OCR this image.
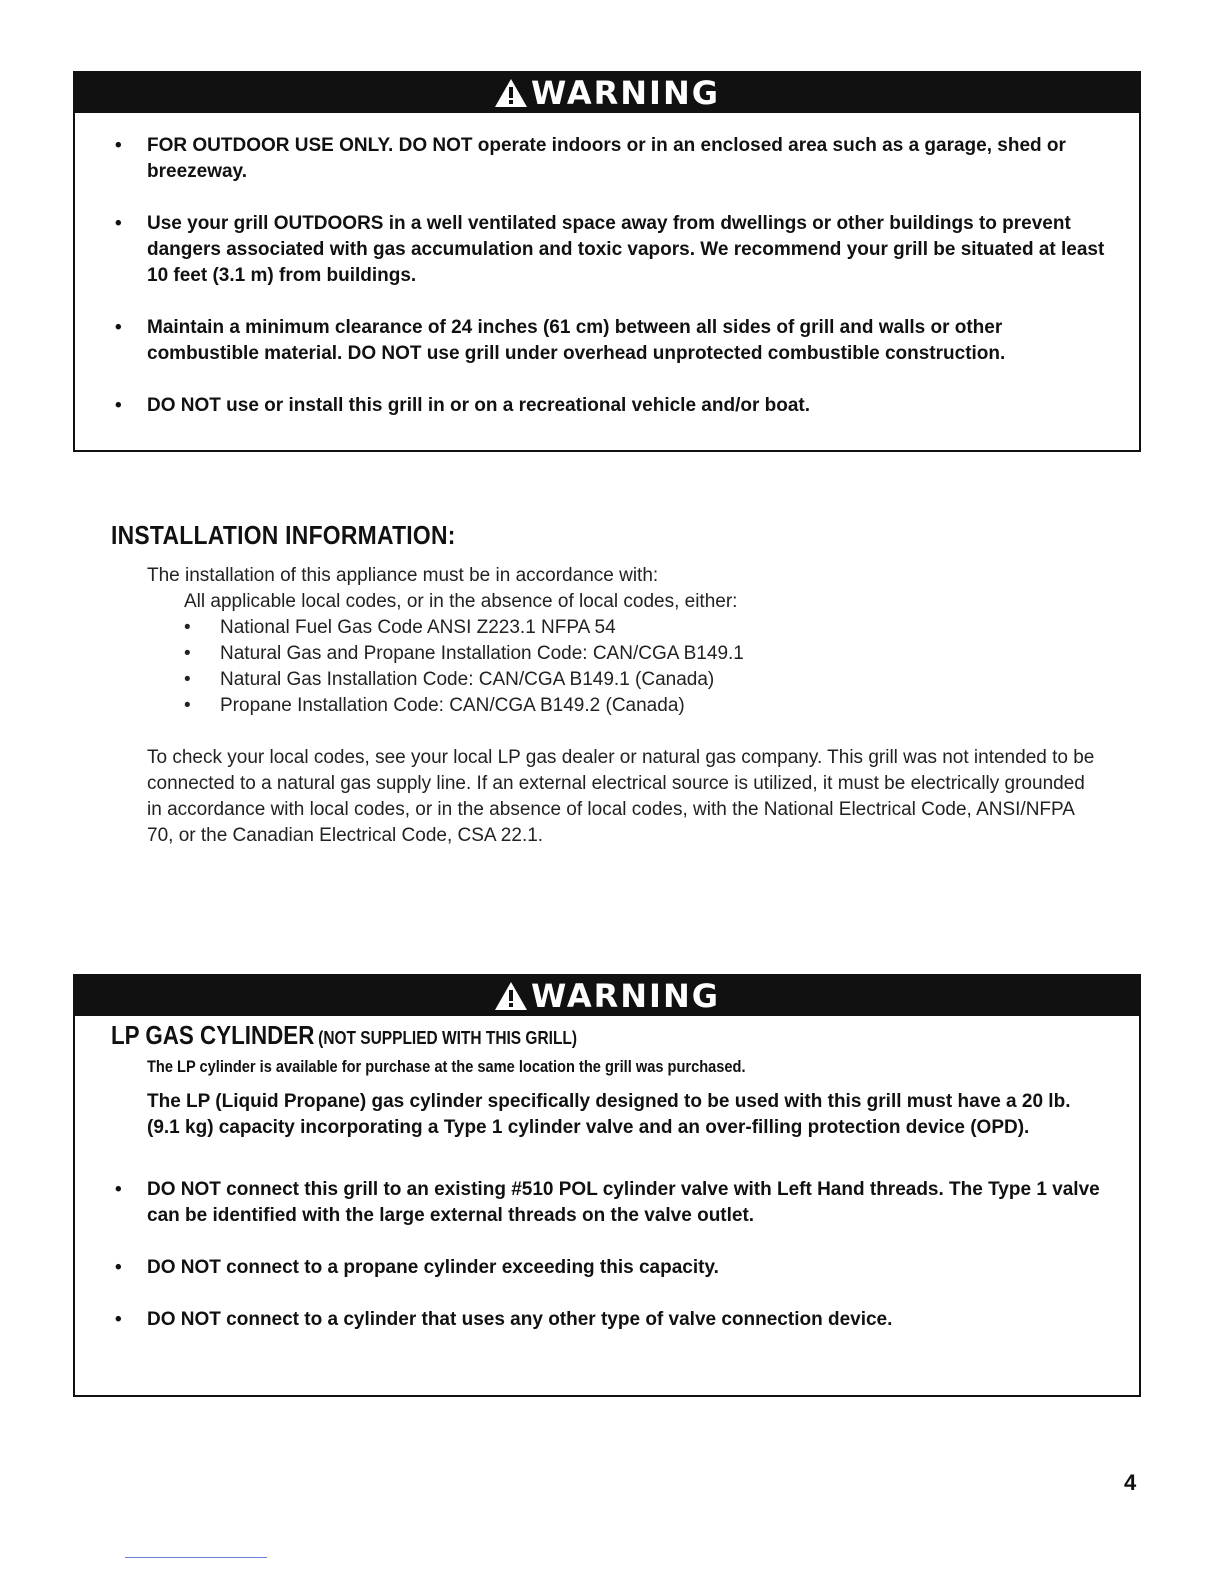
WARNING
• FOR OUTDOOR USE ONLY. DO NOT operate indoors or in an enclosed area such as a garage, shed or breezeway.
• Use your grill OUTDOORS in a well ventilated space away from dwellings or other buildings to prevent dangers associated with gas accumulation and toxic vapors. We recommend your grill be situated at least 10 feet (3.1 m) from buildings.
• Maintain a minimum clearance of 24 inches (61 cm) between all sides of grill and walls or other combustible material. DO NOT use grill under overhead unprotected combustible construction.
• DO NOT use or install this grill in or on a recreational vehicle and/or boat.
INSTALLATION INFORMATION:

The installation of this appliance must be in accordance with:

All applicable local codes, or in the absence of local codes, either:

• National Fuel Gas Code ANSI Z223.1 NFPA 54
• Natural Gas and Propane Installation Code: CAN/CGA B149.1
• Natural Gas Installation Code: CAN/CGA B149.1 (Canada)
• Propane Installation Code: CAN/CGA B149.2 (Canada)

To check your local codes, see your local LP gas dealer or natural gas company. This grill was not intended to be connected to a natural gas supply line. If an external electrical source is utilized, it must be electrically grounded in accordance with local codes, or in the absence of local codes, with the National Electrical Code, ANSI/NFPA 70, or the Canadian Electrical Code, CSA 22.1.

WARNING
LP GAS CYLINDER (NOT SUPPLIED WITH THIS GRILL)
The LP cylinder is available for purchase at the same location the grill was purchased.

The LP (Liquid Propane) gas cylinder specifically designed to be used with this grill must have a 20 lb. (9.1 kg) capacity incorporating a Type 1 cylinder valve and an over-filling protection device (OPD).

• DO NOT connect this grill to an existing #510 POL cylinder valve with Left Hand threads. The Type 1 valve can be identified with the large external threads on the valve outlet.
• DO NOT connect to a propane cylinder exceeding this capacity.
• DO NOT connect to a cylinder that uses any other type of valve connection device.
4
